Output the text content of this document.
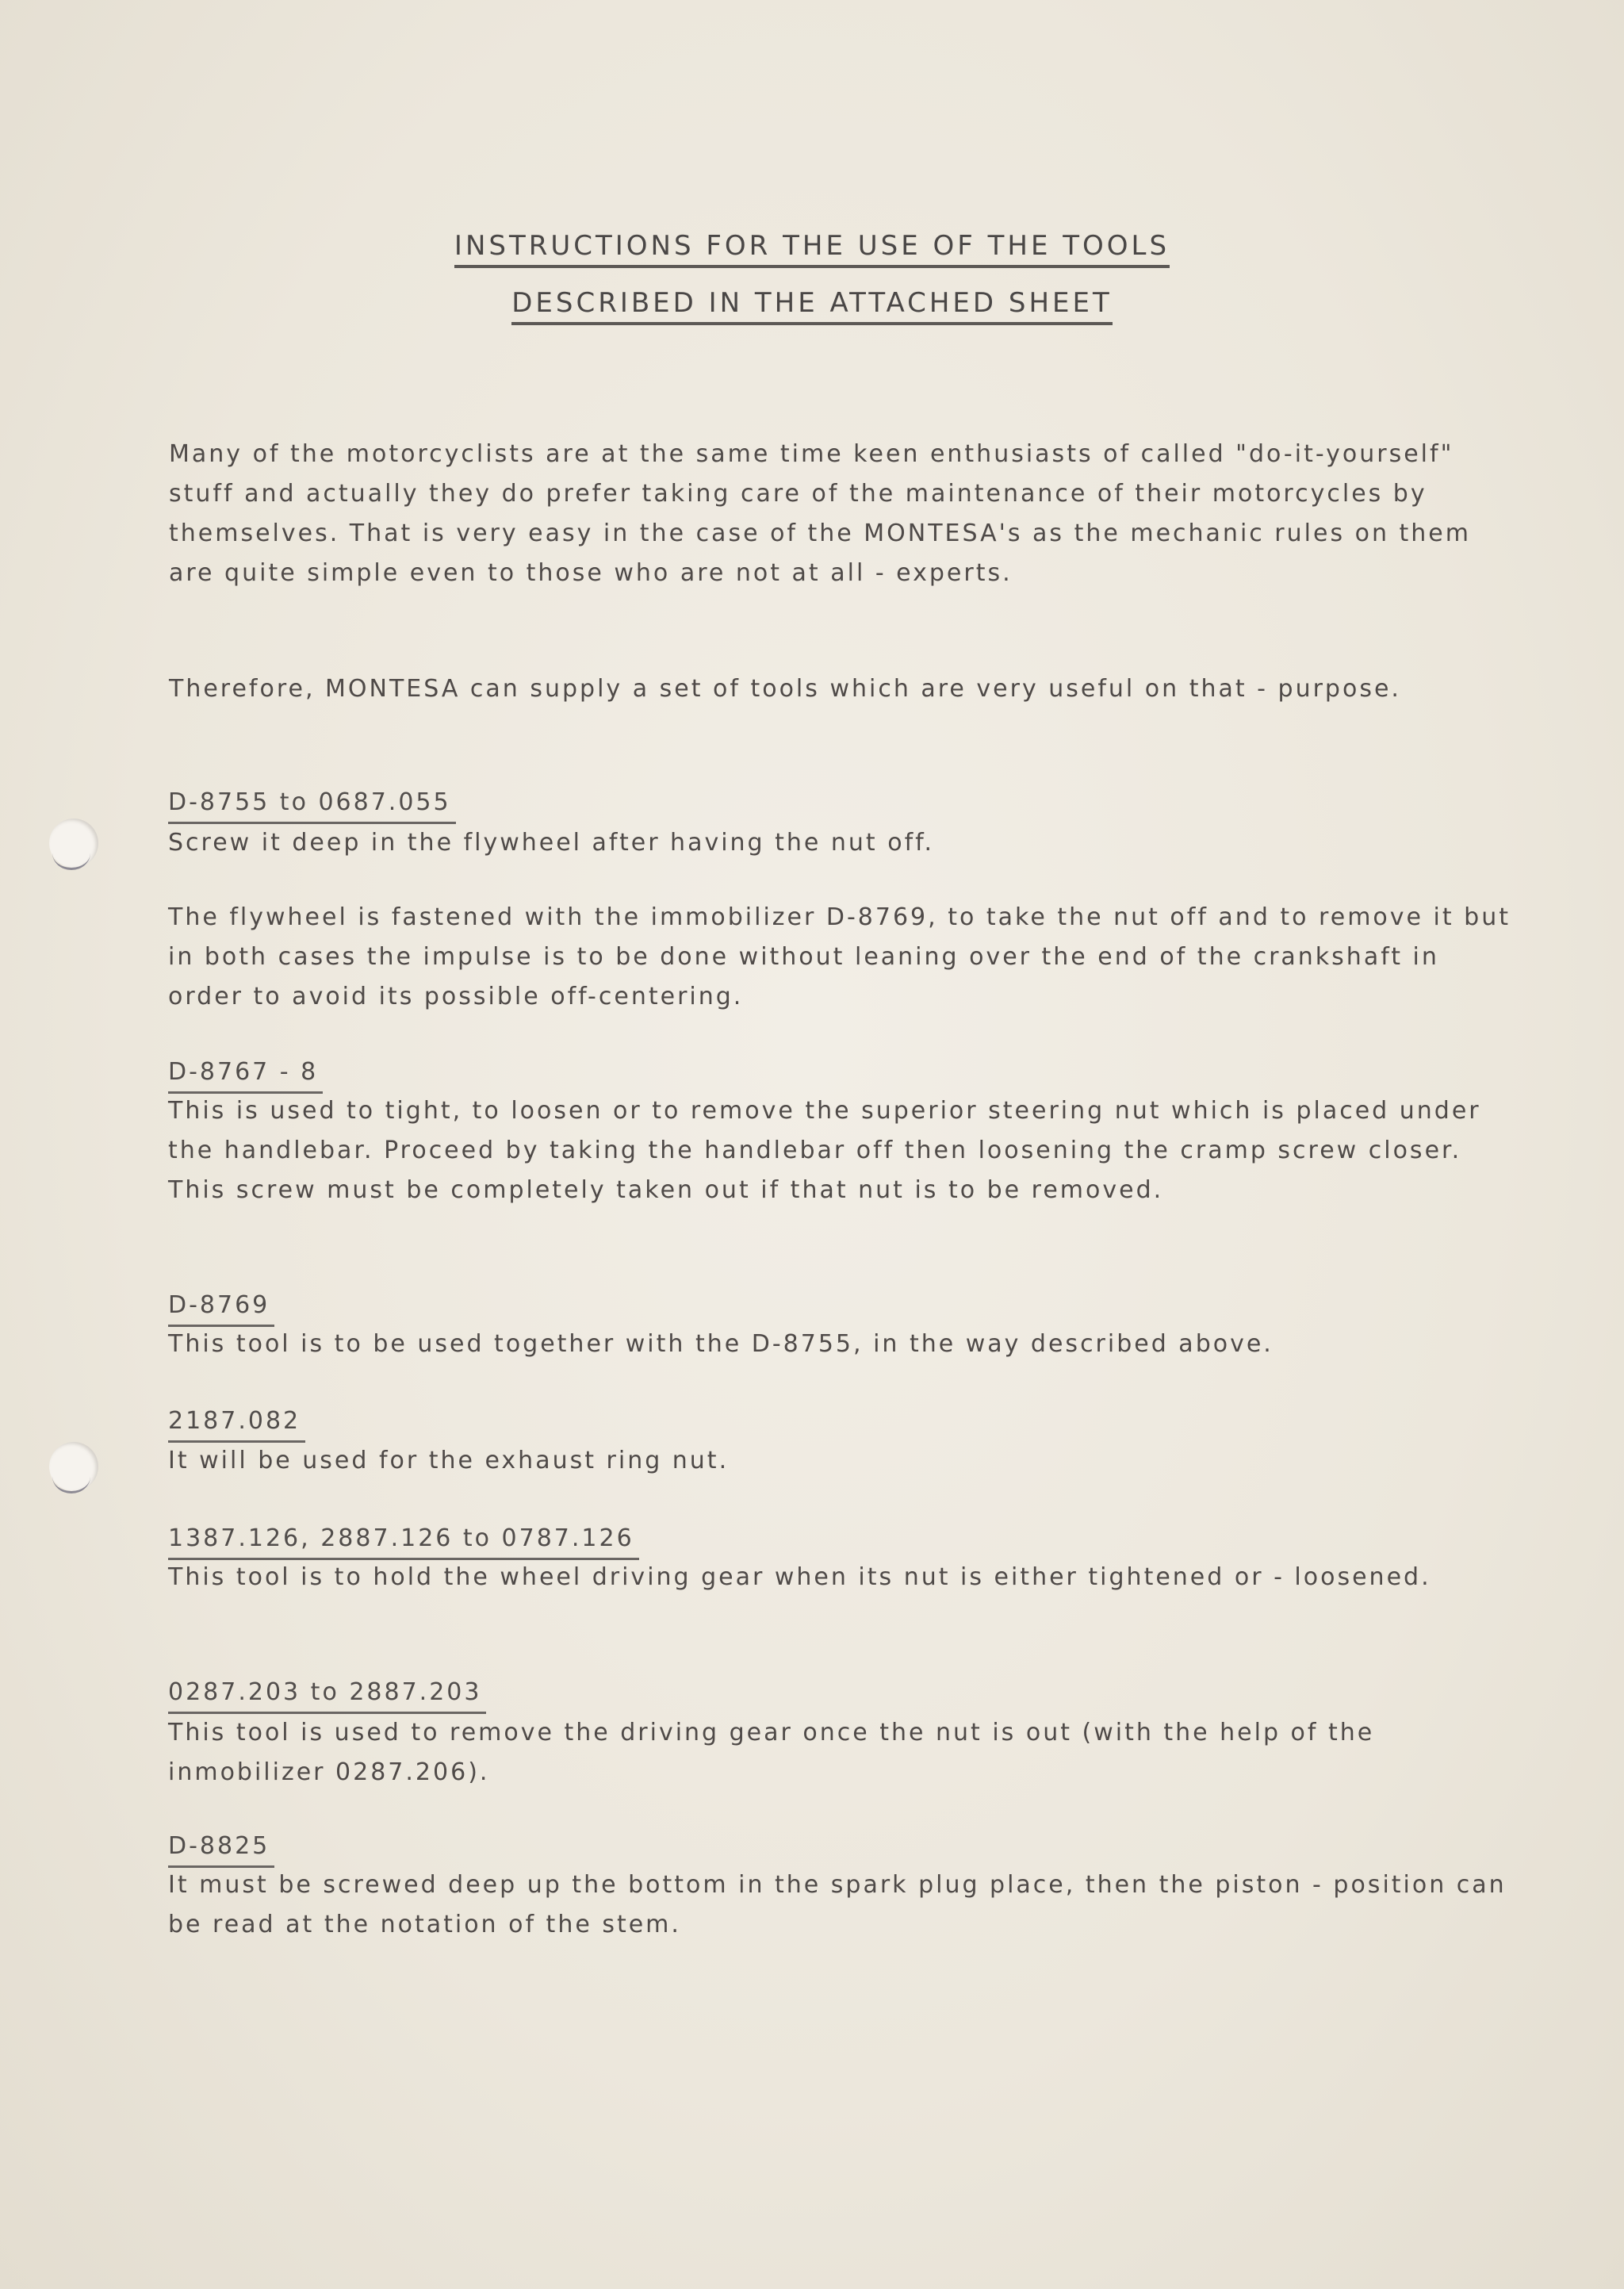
INSTRUCTIONS FOR THE USE OF THE TOOLS
DESCRIBED IN THE ATTACHED SHEET

Many of the motorcyclists are at the same time keen enthusiasts of called "do-it-yourself" stuff and actually they do prefer taking care of the maintenance of their motorcycles by themselves. That is very easy in the case of the MONTESA's as the mechanic rules on them are quite simple even to those who are not at all - experts.

Therefore, MONTESA can supply a set of tools which are very useful on that - purpose.

D-8755 to 0687.055

Screw it deep in the flywheel after having the nut off.

The flywheel is fastened with the immobilizer D-8769, to take the nut off and to remove it but in both cases the impulse is to be done without leaning over the end of the crankshaft in order to avoid its possible off-centering.

D-8767 - 8

This is used to tight, to loosen or to remove the superior steering nut which is placed under the handlebar. Proceed by taking the handlebar off then loosening the cramp screw closer. This screw must be completely taken out if that nut is to be removed.

D-8769

This tool is to be used together with the D-8755, in the way described above.

2187.082

It will be used for the exhaust ring nut.

1387.126, 2887.126 to 0787.126

This tool is to hold the wheel driving gear when its nut is either tightened or - loosened.

0287.203 to 2887.203

This tool is used to remove the driving gear once the nut is out (with the help of the inmobilizer 0287.206).

D-8825

It must be screwed deep up the bottom in the spark plug place, then the piston - position can be read at the notation of the stem.
